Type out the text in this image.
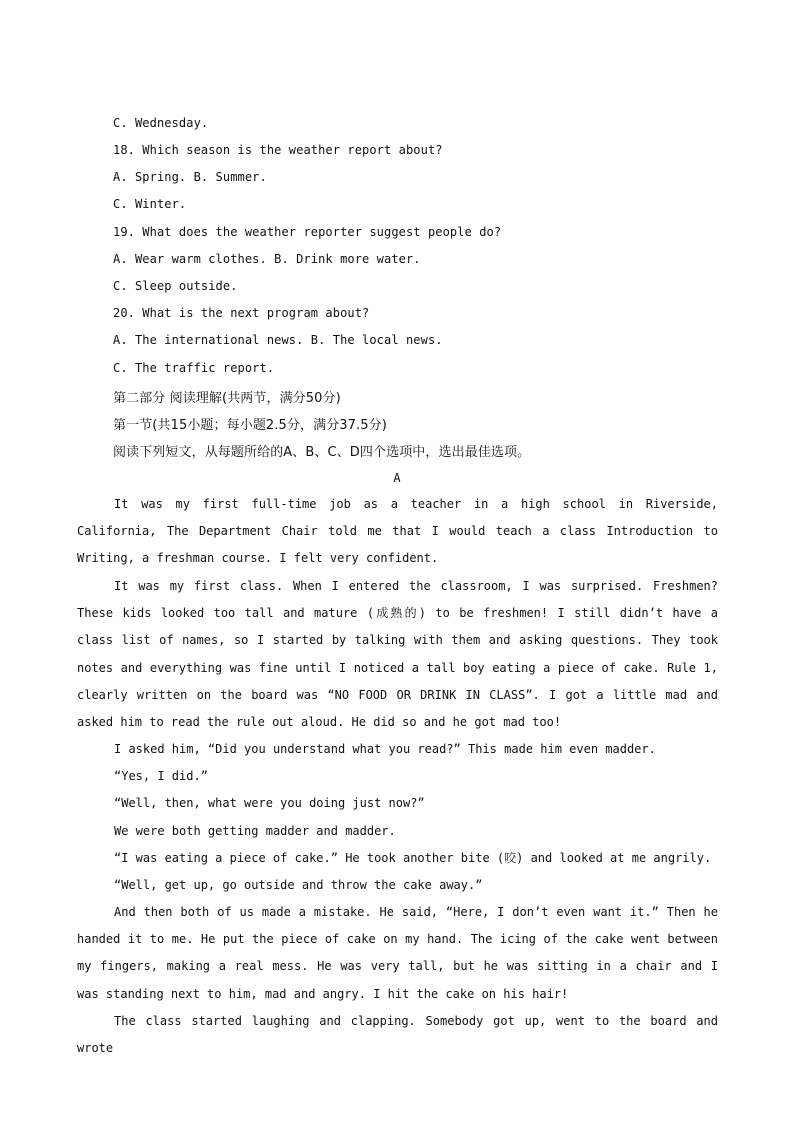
C. Wednesday.
18. Which season is the weather report about?
A. Spring. B. Summer.
C. Winter.
19. What does the weather reporter suggest people do?
A. Wear warm clothes. B. Drink more water.
C. Sleep outside.
20. What is the next program about?
A. The international news. B. The local news.
C. The traffic report.
第二部分 阅读理解(共两节，满分50分)
第一节(共15小题；每小题2.5分，满分37.5分)
阅读下列短文，从每题所给的A、B、C、D四个选项中，选出最佳选项。
A
It was my first full-time job as a teacher in a high school in Riverside, California, The Department Chair told me that I would teach a class Introduction to Writing, a freshman course. I felt very confident.
It was my first class. When I entered the classroom, I was surprised. Freshmen? These kids looked too tall and mature (成熟的) to be freshmen! I still didn’t have a class list of names, so I started by talking with them and asking questions. They took notes and everything was fine until I noticed a tall boy eating a piece of cake. Rule 1, clearly written on the board was “NO FOOD OR DRINK IN CLASS”. I got a little mad and asked him to read the rule out aloud. He did so and he got mad too!
I asked him, “Did you understand what you read?” This made him even madder.
“Yes, I did.”
“Well, then, what were you doing just now?”
We were both getting madder and madder.
“I was eating a piece of cake.” He took another bite (咬) and looked at me angrily.
“Well, get up, go outside and throw the cake away.”
And then both of us made a mistake. He said, “Here, I don’t even want it.” Then he handed it to me. He put the piece of cake on my hand. The icing of the cake went between my fingers, making a real mess. He was very tall, but he was sitting in a chair and I was standing next to him, mad and angry. I hit the cake on his hair!
The class started laughing and clapping. Somebody got up, went to the board and wrote
